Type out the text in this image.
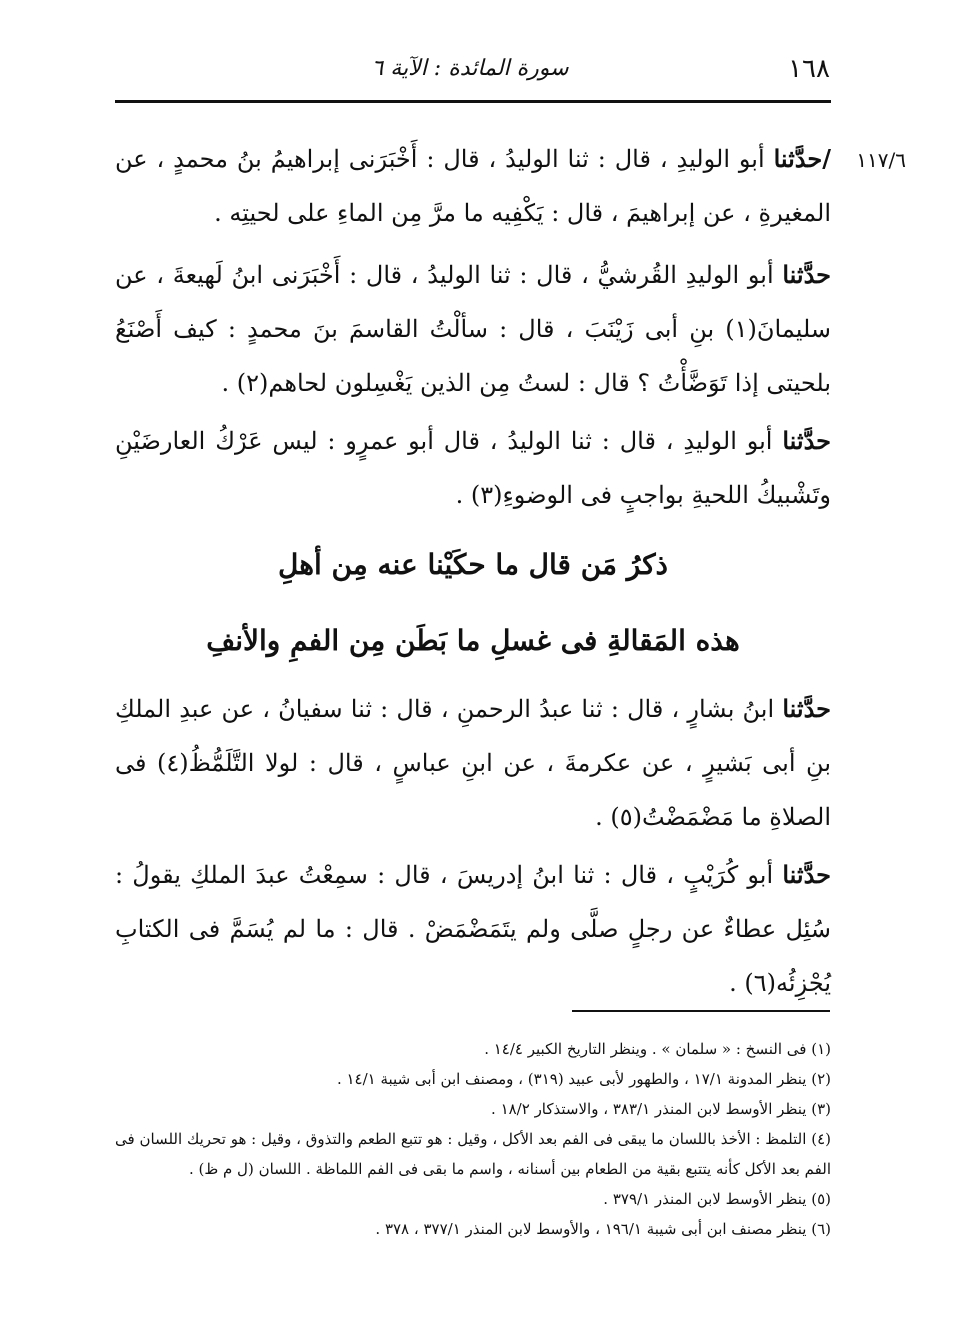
١٦٨
سورة المائدة : الآية ٦
١١٧/٦
/حدَّثنا أبو الوليدِ ، قال : ثنا الوليدُ ، قال : أَخْبَرَنى إبراهيمُ بنُ محمدٍ ، عن المغيرةِ ، عن إبراهيمَ ، قال : يَكْفِيه ما مرَّ مِن الماءِ على لحيتِه .
حدَّثنا أبو الوليدِ القُرشيُّ ، قال : ثنا الوليدُ ، قال : أَخْبَرَنى ابنُ لَهيعةَ ، عن سليمانَ(١) بنِ أبى زَيْنَبَ ، قال : سألْتُ القاسمَ بنَ محمدٍ : كيف أَصْنَعُ بلحيتى إذا تَوَضَّأْتُ ؟ قال : لستُ مِن الذين يَغْسِلون لحاهم(٢) .
حدَّثنا أبو الوليدِ ، قال : ثنا الوليدُ ، قال أبو عمرٍو : ليس عَرْكُ العارضَيْنِ وتَشْبيكُ اللحيةِ بواجبٍ فى الوضوءِ(٣) .
ذكرُ مَن قال ما حكَيْنا عنه مِن أهلِ
هذه المَقالةِ فى غسلِ ما بَطَن مِن الفمِ والأنفِ
حدَّثنا ابنُ بشارٍ ، قال : ثنا عبدُ الرحمنِ ، قال : ثنا سفيانُ ، عن عبدِ الملكِ بنِ أبى بَشيرٍ ، عن عكرمةَ ، عن ابنِ عباسٍ ، قال : لولا التَّلَمُّظُ(٤) فى الصلاةِ ما مَضْمَضْتُ(٥) .
حدَّثنا أبو كُرَيْبٍ ، قال : ثنا ابنُ إدريسَ ، قال : سمِعْتُ عبدَ الملكِ يقولُ : سُئِل عطاءٌ عن رجلٍ صلَّى ولم يتَمَضْمَضْ . قال : ما لم يُسَمَّ فى الكتابِ يُجْزِئُه(٦) .
(١) فى النسخ : « سلمان » . وينظر التاريخ الكبير ١٤/٤ .
(٢) ينظر المدونة ١٧/١ ، والطهور لأبى عبيد (٣١٩) ، ومصنف ابن أبى شيبة ١٤/١ .
(٣) ينظر الأوسط لابن المنذر ٣٨٣/١ ، والاستذكار ١٨/٢ .
(٤) التلمظ : الأخذ باللسان ما يبقى فى الفم بعد الأكل ، وقيل : هو تتبع الطعم والتذوق ، وقيل : هو تحريك اللسان فى الفم بعد الأكل كأنه يتتبع بقية من الطعام بين أسنانه ، واسم ما بقى فى الفم اللماظة . اللسان (ل م ظ) .
(٥) ينظر الأوسط لابن المنذر ٣٧٩/١ .
(٦) ينظر مصنف ابن أبى شيبة ١٩٦/١ ، والأوسط لابن المنذر ٣٧٧/١ ، ٣٧٨ .
